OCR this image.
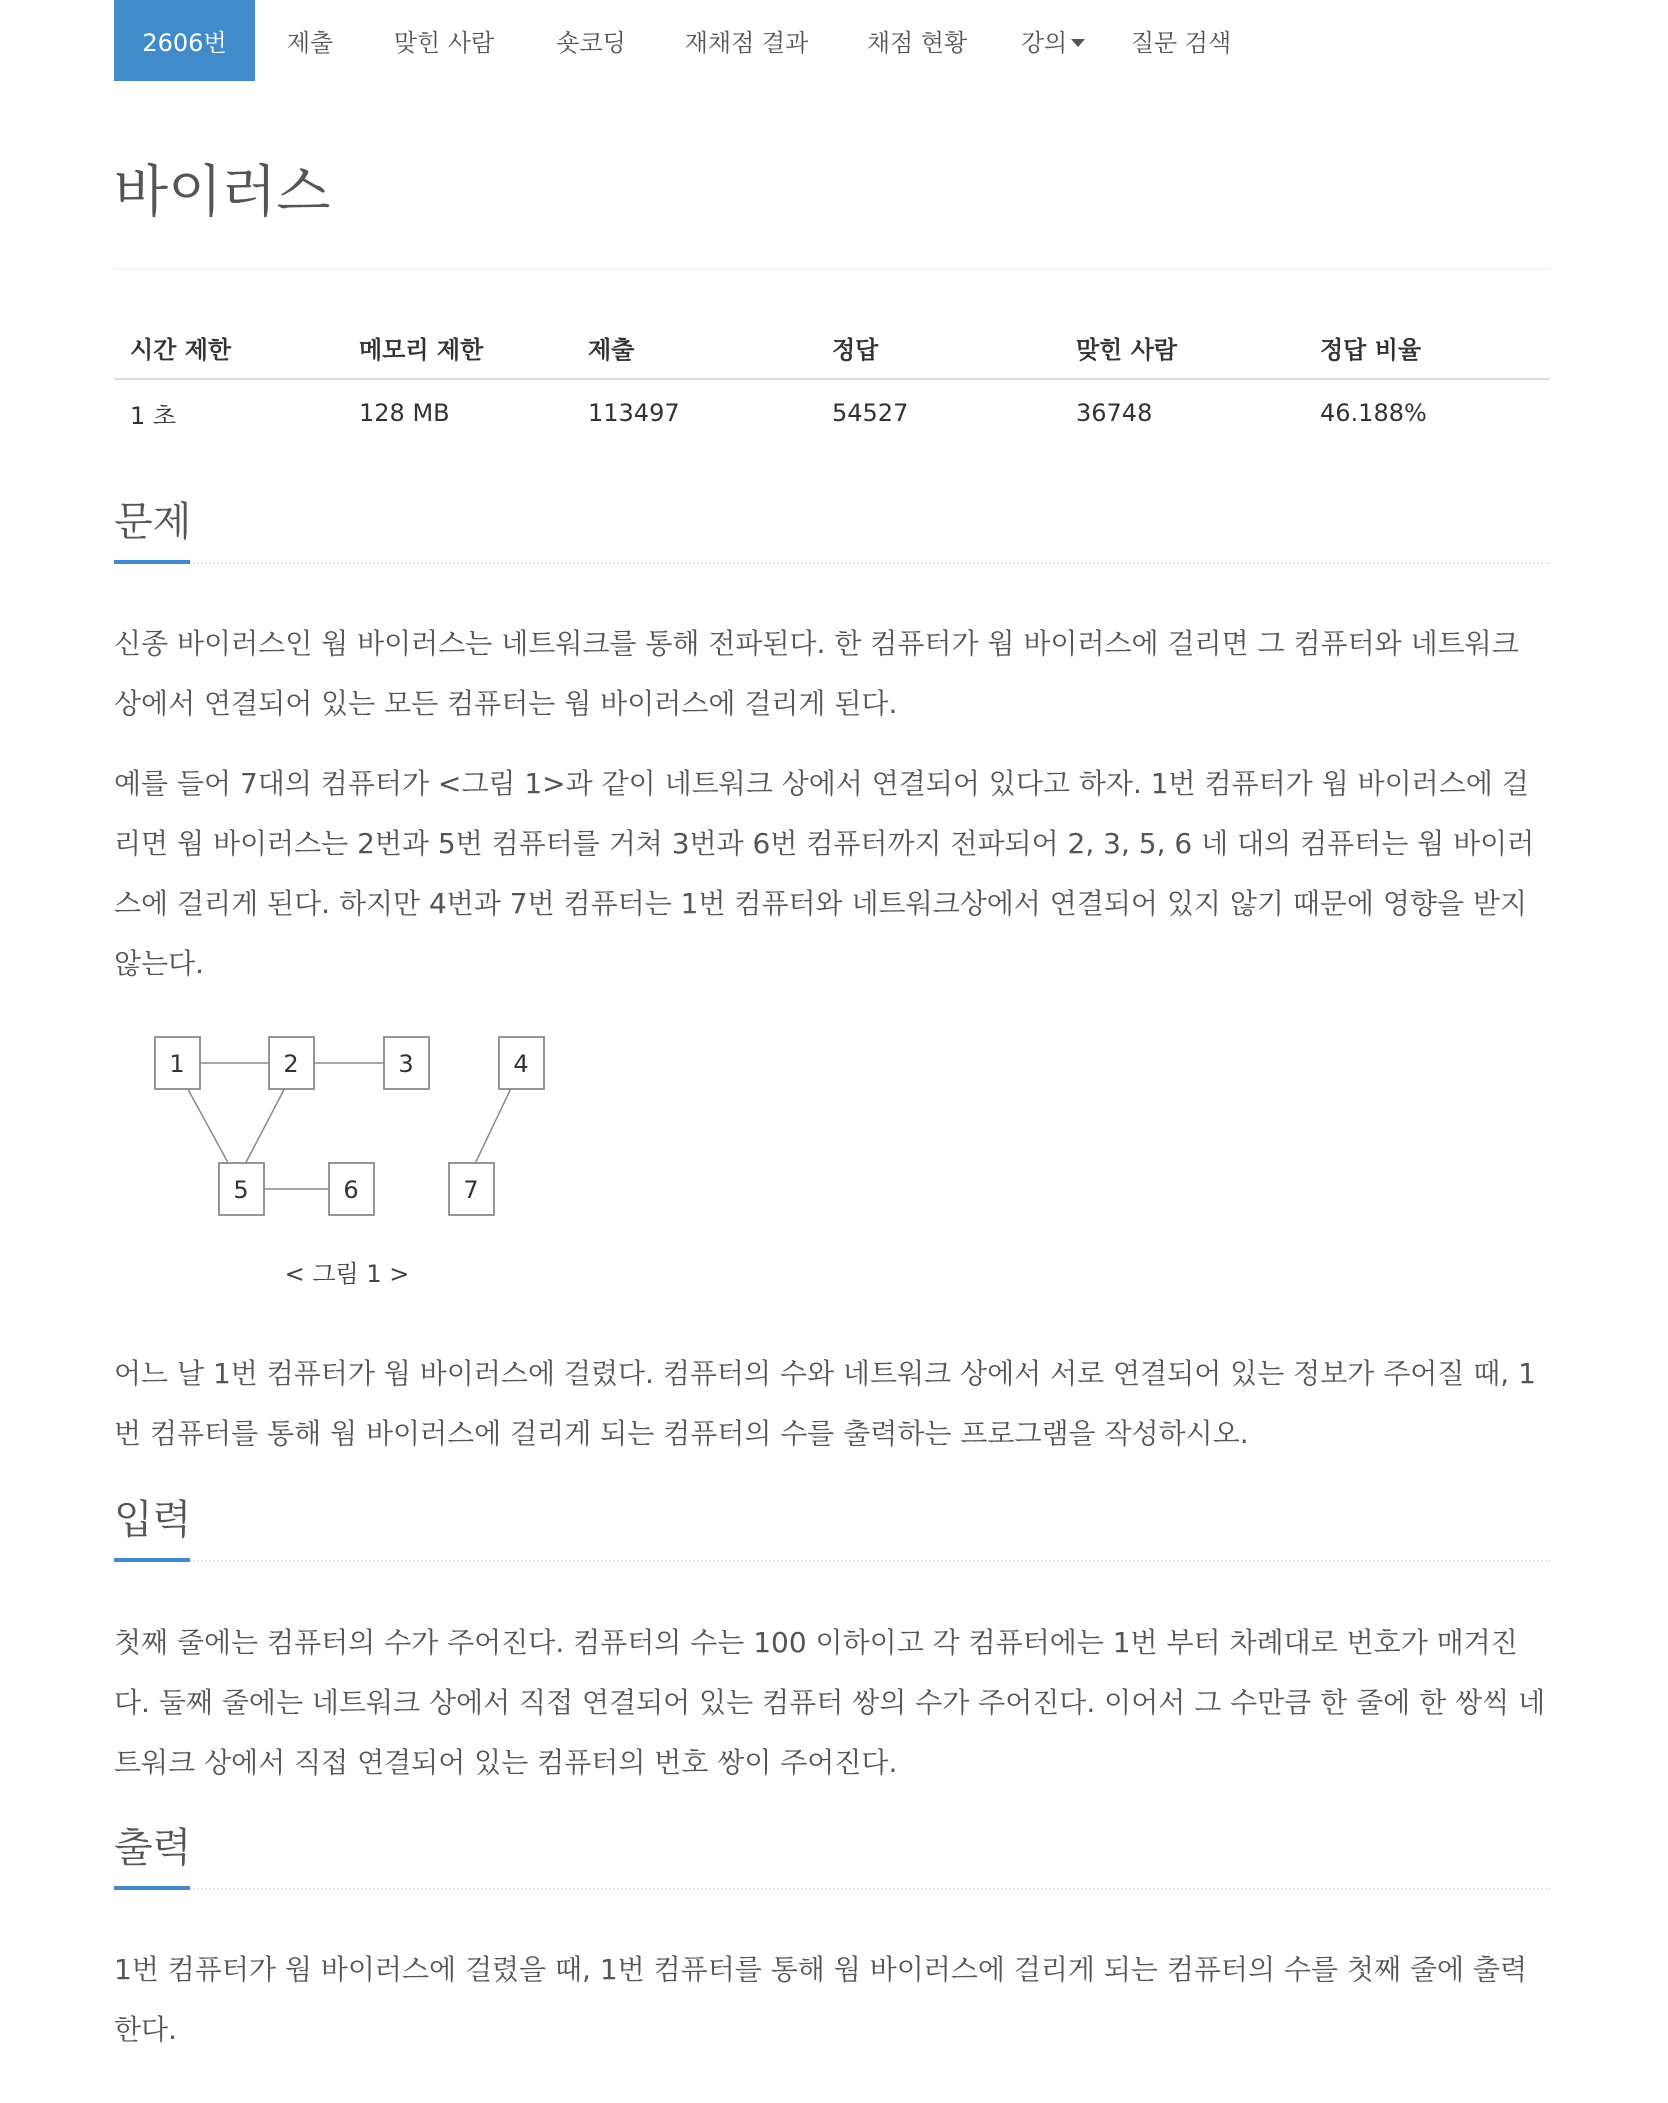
2606번	제출	맞힌 사람	숏코딩 재채점 결과 채점 현황 강의	질문 검색
바이러스
시간 제한	메모리 제한	제출	정답	맞힌 사람	정답 비율
1 초	128 MB	113497	54527	36748	46.188%
문제

신종 바이러스인 웜 바이러스는 네트워크를 통해 전파된다. 한 컴퓨터가 웜 바이러스에 걸리면 그 컴퓨터와 네트워크 상에서 연결되어 있는 모든 컴퓨터는 웜 바이러스에 걸리게 된다.

예를 들어 7대의 컴퓨터가 <그림 1>과 같이 네트워크 상에서 연결되어 있다고 하자. 1번 컴퓨터가 웜 바이러스에 걸리면 웜 바이러스는 2번과 5번 컴퓨터를 거쳐 3번과 6번 컴퓨터까지 전파되어 2, 3, 5, 6 네 대의 컴퓨터는 웜 바이러스에 걸리게 된다. 하지만 4번과 7번 컴퓨터는 1번 컴퓨터와 네트워크상에서 연결되어 있지 않기 때문에 영향을 받지 않는다.

1	2	3	4
5	6	7
< 그림 1 >

어느 날 1번 컴퓨터가 웜 바이러스에 걸렸다. 컴퓨터의 수와 네트워크 상에서 서로 연결되어 있는 정보가 주어질 때, 1번 컴퓨터를 통해 웜 바이러스에 걸리게 되는 컴퓨터의 수를 출력하는 프로그램을 작성하시오.

입력

첫째 줄에는 컴퓨터의 수가 주어진다. 컴퓨터의 수는 100 이하이고 각 컴퓨터에는 1번 부터 차례대로 번호가 매겨진다. 둘째 줄에는 네트워크 상에서 직접 연결되어 있는 컴퓨터 쌍의 수가 주어진다. 이어서 그 수만큼 한 줄에 한 쌍씩 네트워크 상에서 직접 연결되어 있는 컴퓨터의 번호 쌍이 주어진다.

출력

1번 컴퓨터가 웜 바이러스에 걸렸을 때, 1번 컴퓨터를 통해 웜 바이러스에 걸리게 되는 컴퓨터의 수를 첫째 줄에 출력한다.
